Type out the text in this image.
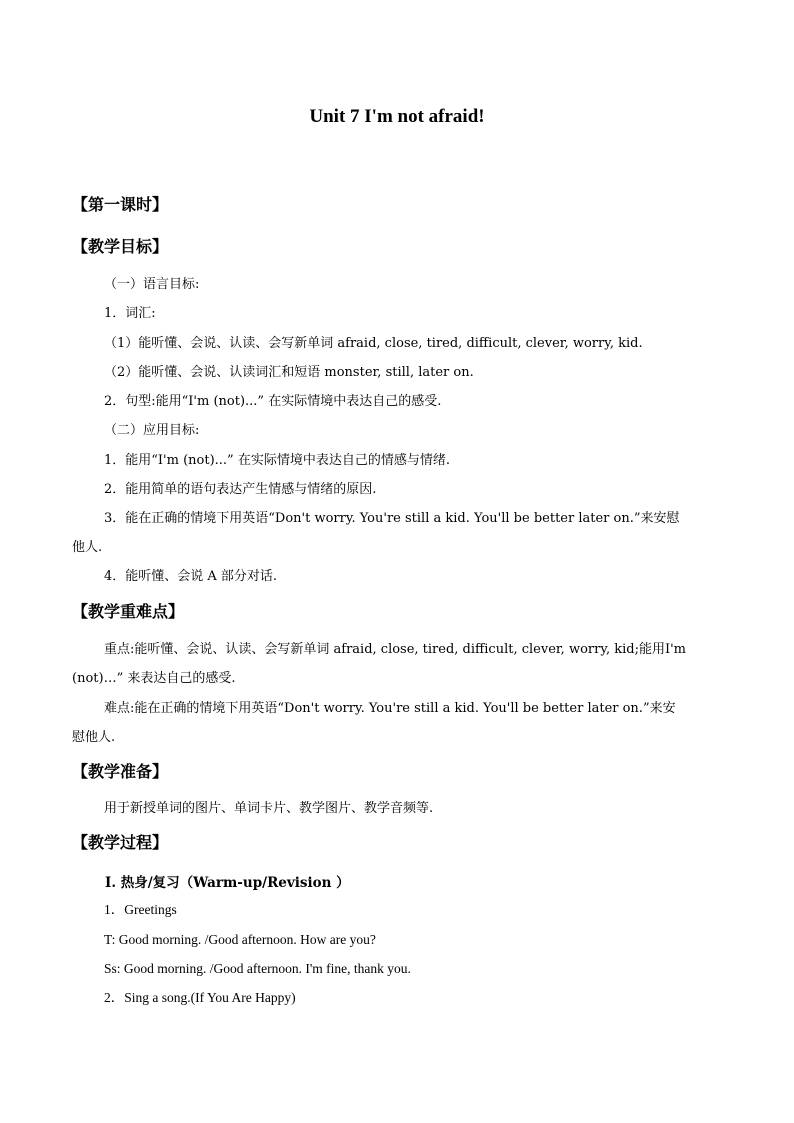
Unit 7 I'm not afraid!
【第一课时】
【教学目标】
（一）语言目标:
1．词汇:
（1）能听懂、会说、认读、会写新单词 afraid, close, tired, difficult, clever, worry, kid.
（2）能听懂、会说、认读词汇和短语 monster, still, later on.
2．句型:能用“I'm (not)...” 在实际情境中表达自己的感受.
（二）应用目标:
1．能用“I'm (not)...” 在实际情境中表达自己的情感与情绪.
2．能用简单的语句表达产生情感与情绪的原因.
3．能在正确的情境下用英语“Don't worry. You're still a kid. You'll be better later on.”来安慰
他人.
4．能听懂、会说 A 部分对话.
【教学重难点】
重点:能听懂、会说、认读、会写新单词 afraid, close, tired, difficult, clever, worry, kid;能用I'm
(not)…” 来表达自己的感受.
难点:能在正确的情境下用英语“Don't worry. You're still a kid. You'll be better later on.”来安
慰他人.
【教学准备】
用于新授单词的图片、单词卡片、教学图片、教学音频等.
【教学过程】
I. 热身/复习（Warm-up/Revision ）
1．Greetings
T: Good morning. /Good afternoon. How are you?
Ss: Good morning. /Good afternoon. I'm fine, thank you.
2．Sing a song.(If You Are Happy)
